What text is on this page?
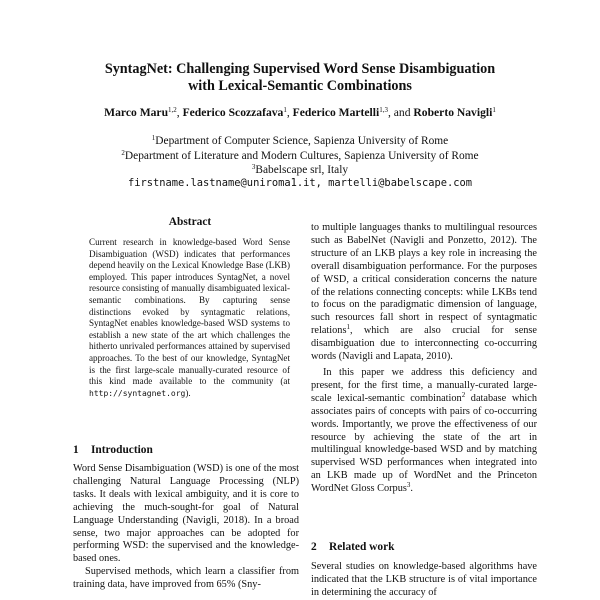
SyntagNet: Challenging Supervised Word Sense Disambiguation
with Lexical-Semantic Combinations
Marco Maru$^{1,2}$, Federico Scozzafava$^1$, Federico Martelli$^{1,3}$, and Roberto Navigli$^1$
$^1$Department of Computer Science, Sapienza University of Rome
$^2$Department of Literature and Modern Cultures, Sapienza University of Rome
$^3$Babelscape srl, Italy
firstname.lastname@uniroma1.it, martelli@babelscape.com
Abstract
Current research in knowledge-based Word Sense Disambiguation (WSD) indicates that performances depend heavily on the Lexical Knowledge Base (LKB) employed. This paper introduces SyntagNet, a novel resource consisting of manually disambiguated lexical-semantic combinations. By capturing sense distinctions evoked by syntagmatic relations, SyntagNet enables knowledge-based WSD systems to establish a new state of the art which challenges the hitherto unrivaled performances attained by supervised approaches. To the best of our knowledge, SyntagNet is the first large-scale manually-curated resource of this kind made available to the community (at http://syntagnet.org).
1 Introduction

Word Sense Disambiguation (WSD) is one of the most challenging Natural Language Processing (NLP) tasks. It deals with lexical ambiguity, and it is core to achieving the much-sought-for goal of Natural Language Understanding (Navigli, 2018). In a broad sense, two major approaches can be adopted for performing WSD: the supervised and the knowledge-based ones.

Supervised methods, which learn a classifier from training data, have improved from 65% (Sny-

to multiple languages thanks to multilingual resources such as BabelNet (Navigli and Ponzetto, 2012). The structure of an LKB plays a key role in increasing the overall disambiguation performance. For the purposes of WSD, a critical consideration concerns the nature of the relations connecting concepts: while LKBs tend to focus on the paradigmatic dimension of language, such resources fall short in respect of syntagmatic relations$^1$, which are also crucial for sense disambiguation due to interconnecting co-occurring words (Navigli and Lapata, 2010).

In this paper we address this deficiency and present, for the first time, a manually-curated large-scale lexical-semantic combination$^2$ database which associates pairs of concepts with pairs of co-occurring words. Importantly, we prove the effectiveness of our resource by achieving the state of the art in multilingual knowledge-based WSD and by matching supervised WSD performances when integrated into an LKB made up of WordNet and the Princeton WordNet Gloss Corpus$^3$.

2 Related work

Several studies on knowledge-based algorithms have indicated that the LKB structure is of vital importance in determining the accuracy of
